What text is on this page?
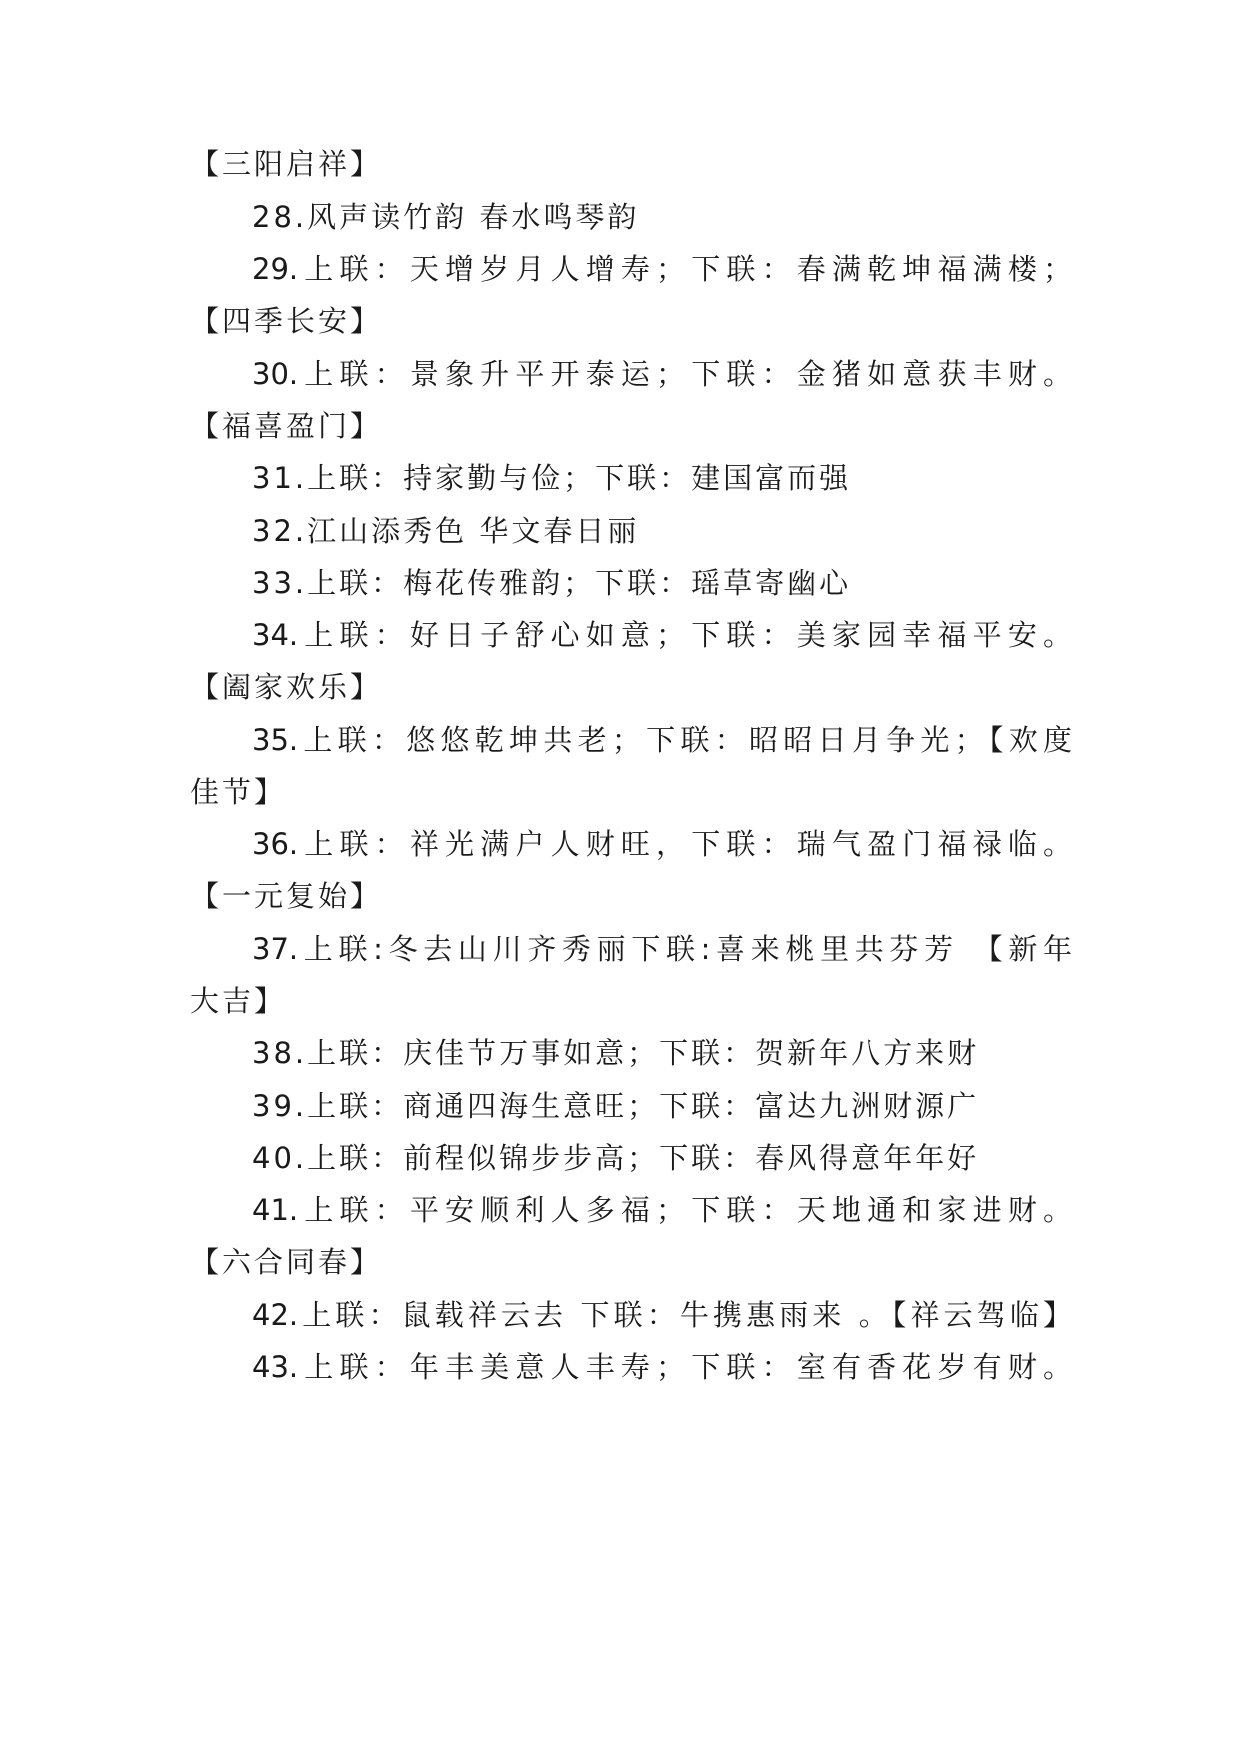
【三阳启祥】
28.风声读竹韵 春水鸣琴韵
29.上联：天增岁月人增寿；下联：春满乾坤福满楼；
【四季长安】
30.上联：景象升平开泰运；下联：金猪如意获丰财。
【福喜盈门】
31.上联：持家勤与俭；下联：建国富而强
32.江山添秀色 华文春日丽
33.上联：梅花传雅韵；下联：瑶草寄幽心
34.上联：好日子舒心如意；下联：美家园幸福平安。
【阖家欢乐】
35.上联：悠悠乾坤共老；下联：昭昭日月争光；【欢度
佳节】
36.上联：祥光满户人财旺，下联：瑞气盈门福禄临。
【一元复始】
37.上联:冬去山川齐秀丽下联:喜来桃里共芬芳 【新年
大吉】
38.上联：庆佳节万事如意；下联：贺新年八方来财
39.上联：商通四海生意旺；下联：富达九洲财源广
40.上联：前程似锦步步高；下联：春风得意年年好
41.上联：平安顺利人多福；下联：天地通和家进财。
【六合同春】
42.上联：鼠载祥云去 下联：牛携惠雨来 。【祥云驾临】
43.上联：年丰美意人丰寿；下联：室有香花岁有财。
